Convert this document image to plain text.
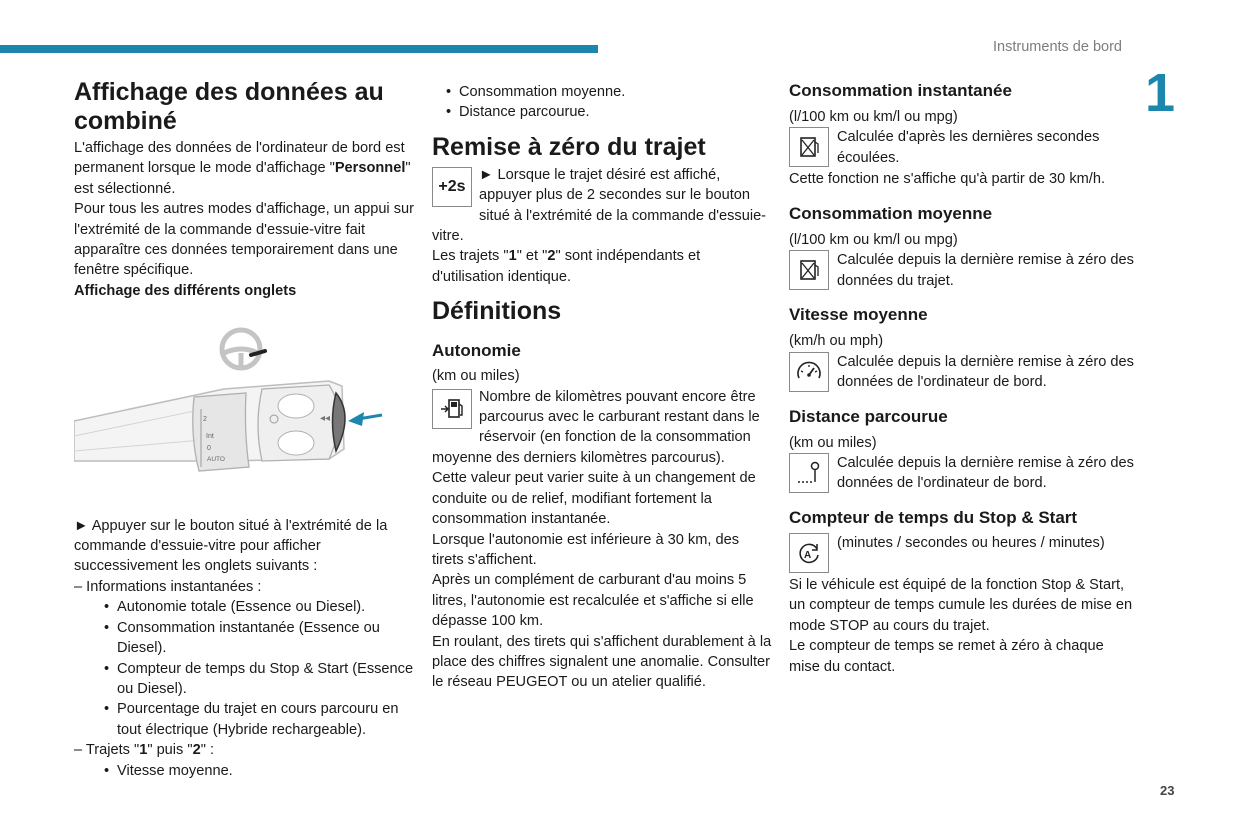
Instruments de bord
1
23
Affichage des données au combiné

L'affichage des données de l'ordinateur de bord est permanent lorsque le mode d'affichage "Personnel" est sélectionné.

Pour tous les autres modes d'affichage, un appui sur l'extrémité de la commande d'essuie-vitre fait apparaître ces données temporairement dans une fenêtre spécifique.

Affichage des différents onglets

2
Int
0
AUTO
◂◂

► Appuyer sur le bouton situé à l'extrémité de la commande d'essuie-vitre pour afficher successivement les onglets suivants :

– Informations instantanées :
• Autonomie totale (Essence ou Diesel).
• Consommation instantanée (Essence ou Diesel).
• Compteur de temps du Stop & Start (Essence ou Diesel).
• Pourcentage du trajet en cours parcouru en tout électrique (Hybride rechargeable).
– Trajets "1" puis "2" :
• Vitesse moyenne.
• Consommation moyenne.
• Distance parcourue.
Remise à zéro du trajet

+2s
► Lorsque le trajet désiré est affiché, appuyer plus de 2 secondes sur le bouton situé à l'extrémité de la commande d'essuie-vitre.

Les trajets "1" et "2" sont indépendants et d'utilisation identique.

Définitions
Autonomie

(km ou miles)

Nombre de kilomètres pouvant encore être parcourus avec le carburant restant dans le réservoir (en fonction de la consommation moyenne des derniers kilomètres parcourus).

Cette valeur peut varier suite à un changement de conduite ou de relief, modifiant fortement la consommation instantanée.

Lorsque l'autonomie est inférieure à 30 km, des tirets s'affichent.

Après un complément de carburant d'au moins 5 litres, l'autonomie est recalculée et s'affiche si elle dépasse 100 km.

En roulant, des tirets qui s'affichent durablement à la place des chiffres signalent une anomalie. Consulter le réseau PEUGEOT ou un atelier qualifié.

Consommation instantanée

(l/100 km ou km/l ou mpg)

Calculée d'après les dernières secondes écoulées.

Cette fonction ne s'affiche qu'à partir de 30 km/h.

Consommation moyenne

(l/100 km ou km/l ou mpg)

Calculée depuis la dernière remise à zéro des données du trajet.

Vitesse moyenne

(km/h ou mph)

Calculée depuis la dernière remise à zéro des données de l'ordinateur de bord.

Distance parcourue

(km ou miles)

Calculée depuis la dernière remise à zéro des données de l'ordinateur de bord.

Compteur de temps du Stop & Start
A

(minutes / secondes ou heures / minutes)

Si le véhicule est équipé de la fonction Stop & Start, un compteur de temps cumule les durées de mise en mode STOP au cours du trajet.

Le compteur de temps se remet à zéro à chaque mise du contact.
